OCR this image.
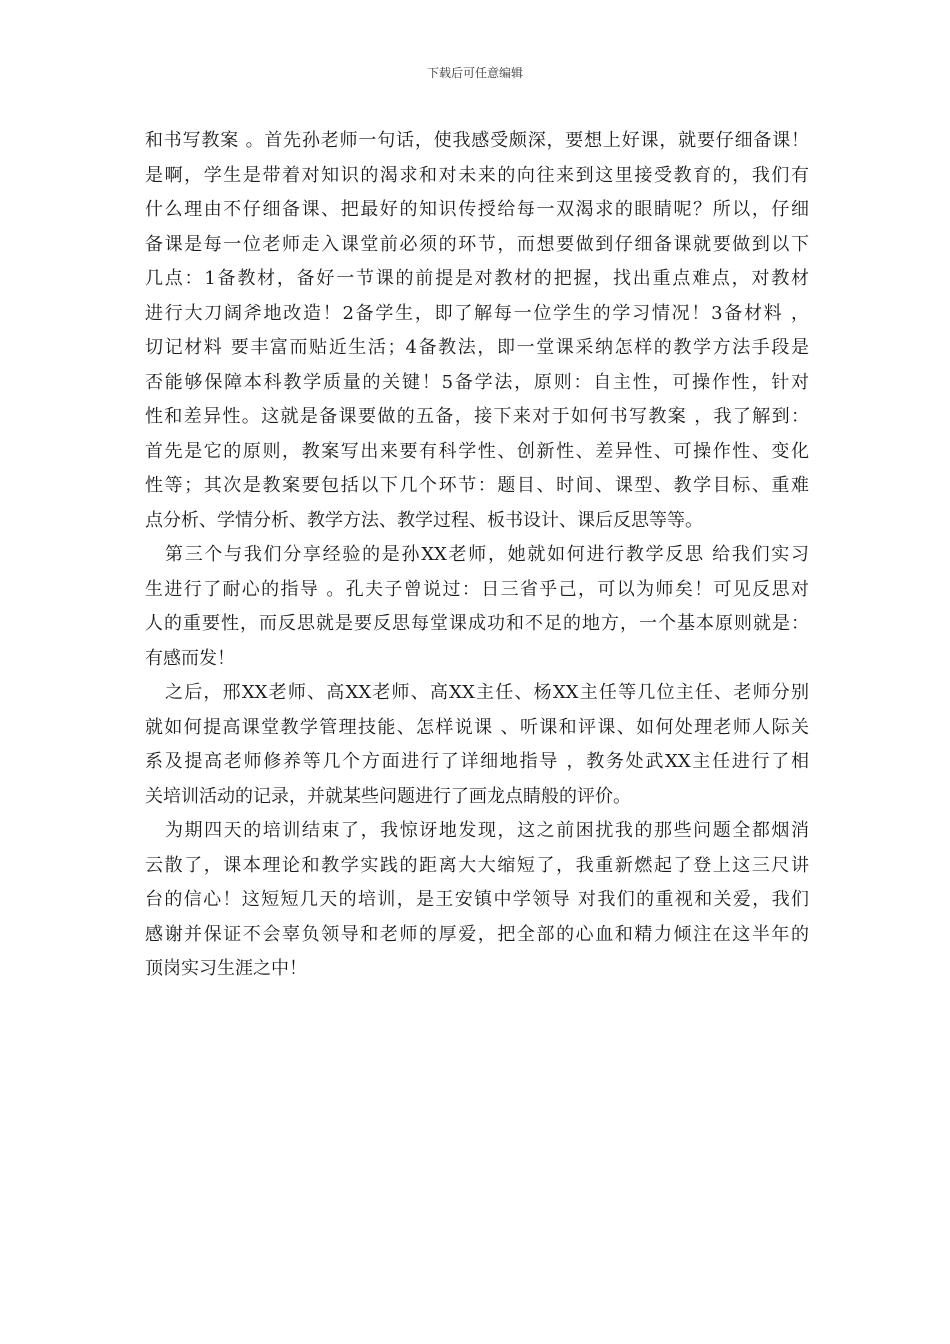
下载后可任意编辑
和书写教案 。首先孙老师一句话，使我感受颇深，要想上好课，就要仔细备课！
是啊，学生是带着对知识的渴求和对未来的向往来到这里接受教育的，我们有
什么理由不仔细备课、把最好的知识传授给每一双渴求的眼睛呢？所以，仔细
备课是每一位老师走入课堂前必须的环节，而想要做到仔细备课就要做到以下
几点：1备教材，备好一节课的前提是对教材的把握，找出重点难点，对教材
进行大刀阔斧地改造！2备学生，即了解每一位学生的学习情况！3备材料 ，
切记材料 要丰富而贴近生活；4备教法，即一堂课采纳怎样的教学方法手段是
否能够保障本科教学质量的关键！5备学法，原则：自主性，可操作性，针对
性和差异性。这就是备课要做的五备，接下来对于如何书写教案 ，我了解到：
首先是它的原则，教案写出来要有科学性、创新性、差异性、可操作性、变化
性等；其次是教案要包括以下几个环节：题目、时间、课型、教学目标、重难
点分析、学情分析、教学方法、教学过程、板书设计、课后反思等等。
第三个与我们分享经验的是孙XX老师，她就如何进行教学反思 给我们实习
生进行了耐心的指导 。孔夫子曾说过：日三省乎己，可以为师矣！可见反思对
人的重要性，而反思就是要反思每堂课成功和不足的地方，一个基本原则就是：
有感而发！
之后，邢XX老师、高XX老师、高XX主任、杨XX主任等几位主任、老师分别
就如何提高课堂教学管理技能、怎样说课 、听课和评课、如何处理老师人际关
系及提高老师修养等几个方面进行了详细地指导 ，教务处武XX主任进行了相
关培训活动的记录，并就某些问题进行了画龙点睛般的评价。
为期四天的培训结束了，我惊讶地发现，这之前困扰我的那些问题全都烟消
云散了，课本理论和教学实践的距离大大缩短了，我重新燃起了登上这三尺讲
台的信心！这短短几天的培训，是王安镇中学领导 对我们的重视和关爱，我们
感谢并保证不会辜负领导和老师的厚爱，把全部的心血和精力倾注在这半年的
顶岗实习生涯之中！
